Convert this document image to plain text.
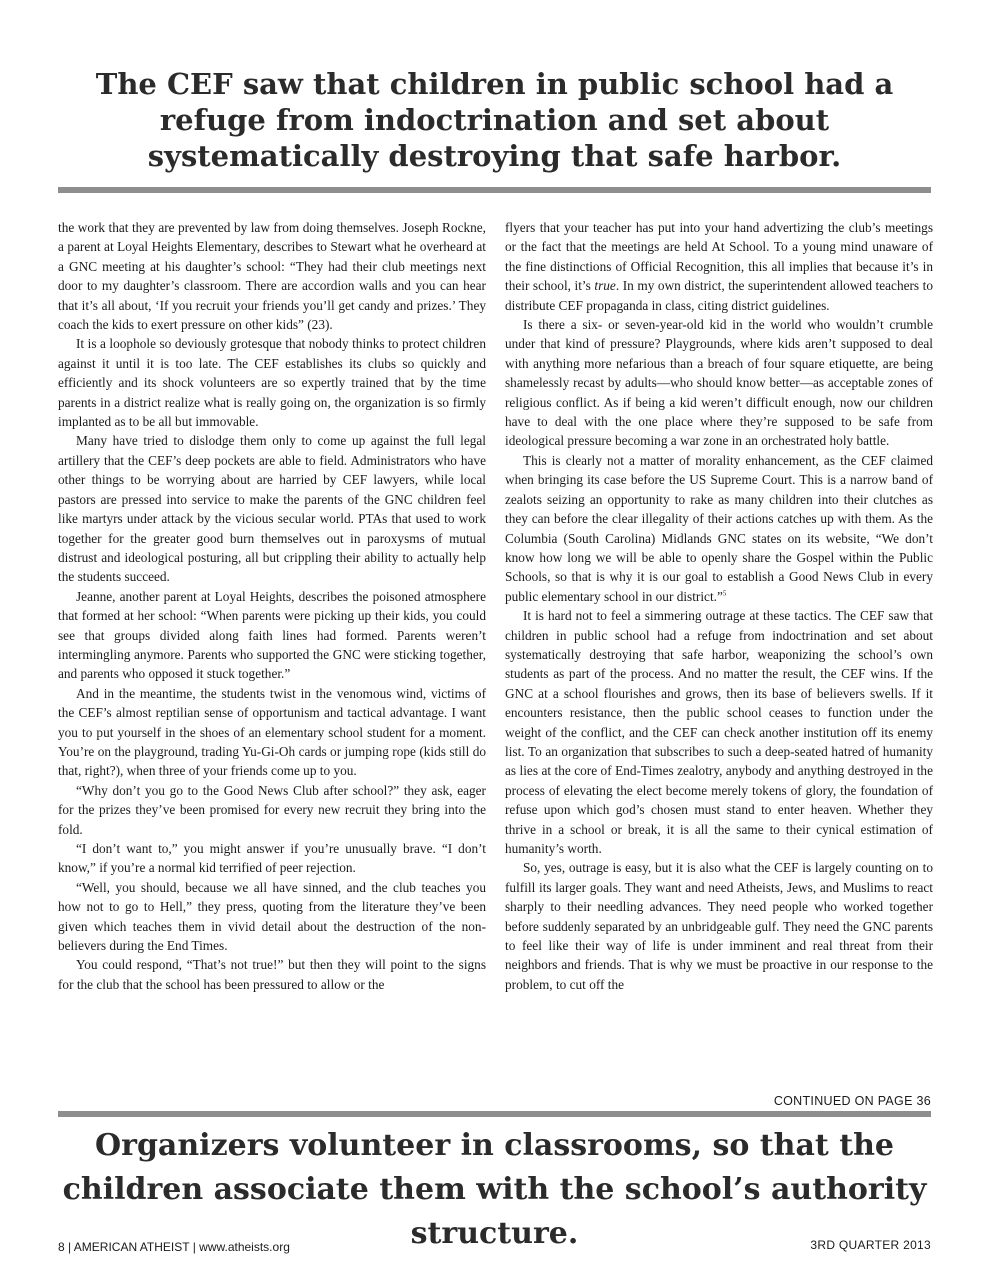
The CEF saw that children in public school had a refuge from indoctrination and set about systematically destroying that safe harbor.

the work that they are prevented by law from doing themselves. Joseph Rockne, a parent at Loyal Heights Elementary, describes to Stewart what he overheard at a GNC meeting at his daughter’s school: “They had their club meetings next door to my daughter’s classroom. There are accordion walls and you can hear that it’s all about, ‘If you recruit your friends you’ll get candy and prizes.’ They coach the kids to exert pressure on other kids” (23).

It is a loophole so deviously grotesque that nobody thinks to protect children against it until it is too late. The CEF establishes its clubs so quickly and efficiently and its shock volunteers are so expertly trained that by the time parents in a district realize what is really going on, the organization is so firmly implanted as to be all but immovable.

Many have tried to dislodge them only to come up against the full legal artillery that the CEF’s deep pockets are able to field. Administrators who have other things to be worrying about are harried by CEF lawyers, while local pastors are pressed into service to make the parents of the GNC children feel like martyrs under attack by the vicious secular world. PTAs that used to work together for the greater good burn themselves out in paroxysms of mutual distrust and ideological posturing, all but crippling their ability to actually help the students succeed.

Jeanne, another parent at Loyal Heights, describes the poisoned atmosphere that formed at her school: “When parents were picking up their kids, you could see that groups divided along faith lines had formed. Parents weren’t intermingling anymore. Parents who supported the GNC were sticking together, and parents who opposed it stuck together.”

And in the meantime, the students twist in the venomous wind, victims of the CEF’s almost reptilian sense of opportunism and tactical advantage. I want you to put yourself in the shoes of an elementary school student for a moment. You’re on the playground, trading Yu-Gi-Oh cards or jumping rope (kids still do that, right?), when three of your friends come up to you.

“Why don’t you go to the Good News Club after school?” they ask, eager for the prizes they’ve been promised for every new recruit they bring into the fold.

“I don’t want to,” you might answer if you’re unusually brave. “I don’t know,” if you’re a normal kid terrified of peer rejection.

“Well, you should, because we all have sinned, and the club teaches you how not to go to Hell,” they press, quoting from the literature they’ve been given which teaches them in vivid detail about the destruction of the non-believers during the End Times.

You could respond, “That’s not true!” but then they will point to the signs for the club that the school has been pressured to allow or the

flyers that your teacher has put into your hand advertizing the club’s meetings or the fact that the meetings are held At School. To a young mind unaware of the fine distinctions of Official Recognition, this all implies that because it’s in their school, it’s true. In my own district, the superintendent allowed teachers to distribute CEF propaganda in class, citing district guidelines.

Is there a six- or seven-year-old kid in the world who wouldn’t crumble under that kind of pressure? Playgrounds, where kids aren’t supposed to deal with anything more nefarious than a breach of four square etiquette, are being shamelessly recast by adults—who should know better—as acceptable zones of religious conflict. As if being a kid weren’t difficult enough, now our children have to deal with the one place where they’re supposed to be safe from ideological pressure becoming a war zone in an orchestrated holy battle.

This is clearly not a matter of morality enhancement, as the CEF claimed when bringing its case before the US Supreme Court. This is a narrow band of zealots seizing an opportunity to rake as many children into their clutches as they can before the clear illegality of their actions catches up with them. As the Columbia (South Carolina) Midlands GNC states on its website, “We don’t know how long we will be able to openly share the Gospel within the Public Schools, so that is why it is our goal to establish a Good News Club in every public elementary school in our district.”$^5$

It is hard not to feel a simmering outrage at these tactics. The CEF saw that children in public school had a refuge from indoctrination and set about systematically destroying that safe harbor, weaponizing the school’s own students as part of the process. And no matter the result, the CEF wins. If the GNC at a school flourishes and grows, then its base of believers swells. If it encounters resistance, then the public school ceases to function under the weight of the conflict, and the CEF can check another institution off its enemy list. To an organization that subscribes to such a deep-seated hatred of humanity as lies at the core of End-Times zealotry, anybody and anything destroyed in the process of elevating the elect become merely tokens of glory, the foundation of refuse upon which god’s chosen must stand to enter heaven. Whether they thrive in a school or break, it is all the same to their cynical estimation of humanity’s worth.

So, yes, outrage is easy, but it is also what the CEF is largely counting on to fulfill its larger goals. They want and need Atheists, Jews, and Muslims to react sharply to their needling advances. They need people who worked together before suddenly separated by an unbridgeable gulf. They need the GNC parents to feel like their way of life is under imminent and real threat from their neighbors and friends. That is why we must be proactive in our response to the problem, to cut off the

CONTINUED ON PAGE 36
Organizers volunteer in classrooms, so that the children associate them with the school’s authority structure.
8 | AMERICAN ATHEIST | www.atheists.org	3RD QUARTER 2013
